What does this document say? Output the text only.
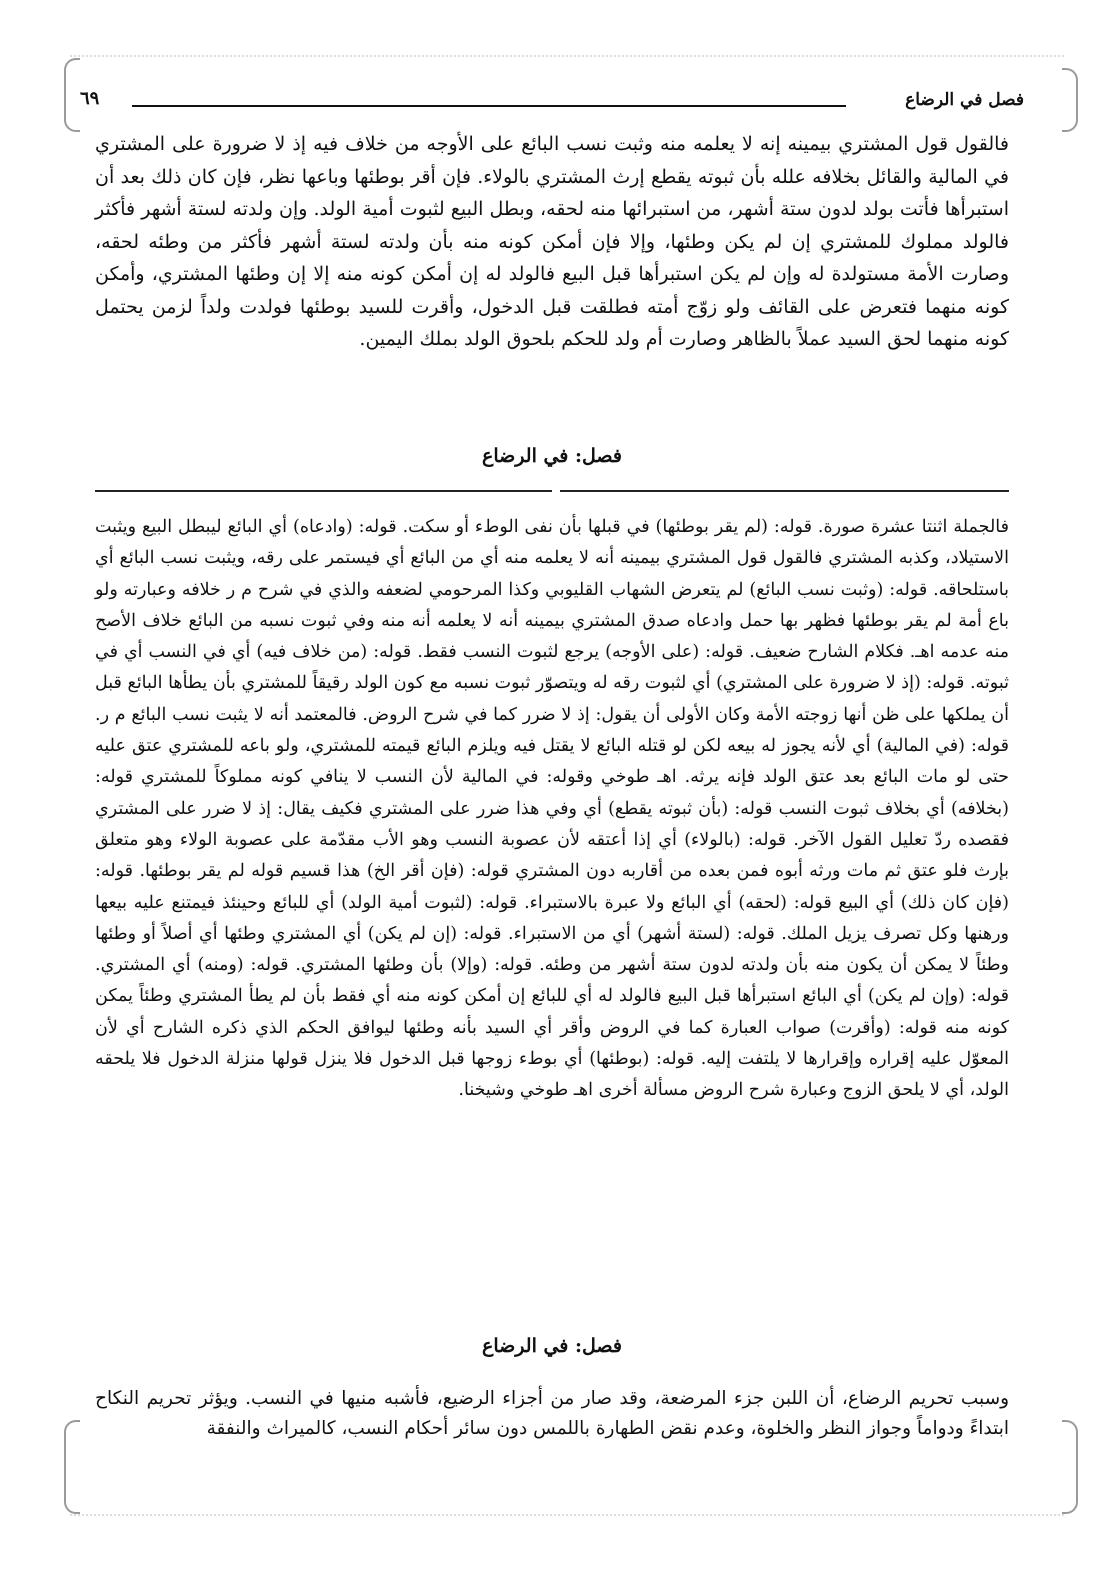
فصل في الرضاع
٦٩
فالقول قول المشتري بيمينه إنه لا يعلمه منه وثبت نسب البائع على الأوجه من خلاف فيه إذ لا ضرورة على المشتري في المالية والقائل بخلافه علله بأن ثبوته يقطع إرث المشتري بالولاء. فإن أقر بوطئها وباعها نظر، فإن كان ذلك بعد أن استبرأها فأتت بولد لدون ستة أشهر، من استبرائها منه لحقه، وبطل البيع لثبوت أمية الولد. وإن ولدته لستة أشهر فأكثر فالولد مملوك للمشتري إن لم يكن وطئها، وإلا فإن أمكن كونه منه بأن ولدته لستة أشهر فأكثر من وطئه لحقه، وصارت الأمة مستولدة له وإن لم يكن استبرأها قبل البيع فالولد له إن أمكن كونه منه إلا إن وطئها المشتري، وأمكن كونه منهما فتعرض على القائف ولو زوّج أمته فطلقت قبل الدخول، وأقرت للسيد بوطئها فولدت ولداً لزمن يحتمل كونه منهما لحق السيد عملاً بالظاهر وصارت أم ولد للحكم بلحوق الولد بملك اليمين.
فصل: في الرضاع
فالجملة اثنتا عشرة صورة. قوله: (لم يقر بوطئها) في قبلها بأن نفى الوطء أو سكت. قوله: (وادعاه) أي البائع ليبطل البيع ويثبت الاستيلاد، وكذبه المشتري فالقول قول المشتري بيمينه أنه لا يعلمه منه أي من البائع أي فيستمر على رقه، ويثبت نسب البائع أي باستلحاقه. قوله: (وثبت نسب البائع) لم يتعرض الشهاب القليوبي وكذا المرحومي لضعفه والذي في شرح م ر خلافه وعبارته ولو باع أمة لم يقر بوطئها فظهر بها حمل وادعاه صدق المشتري بيمينه أنه لا يعلمه أنه منه وفي ثبوت نسبه من البائع خلاف الأصح منه عدمه اهـ. فكلام الشارح ضعيف. قوله: (على الأوجه) يرجع لثبوت النسب فقط. قوله: (من خلاف فيه) أي في النسب أي في ثبوته. قوله: (إذ لا ضرورة على المشتري) أي لثبوت رقه له ويتصوّر ثبوت نسبه مع كون الولد رقيقاً للمشتري بأن يطأها البائع قبل أن يملكها على ظن أنها زوجته الأمة وكان الأولى أن يقول: إذ لا ضرر كما في شرح الروض. فالمعتمد أنه لا يثبت نسب البائع م ر. قوله: (في المالية) أي لأنه يجوز له بيعه لكن لو قتله البائع لا يقتل فيه ويلزم البائع قيمته للمشتري، ولو باعه للمشتري عتق عليه حتى لو مات البائع بعد عتق الولد فإنه يرثه. اهـ طوخي وقوله: في المالية لأن النسب لا ينافي كونه مملوكاً للمشتري قوله: (بخلافه) أي بخلاف ثبوت النسب قوله: (بأن ثبوته يقطع) أي وفي هذا ضرر على المشتري فكيف يقال: إذ لا ضرر على المشتري فقصده ردّ تعليل القول الآخر. قوله: (بالولاء) أي إذا أعتقه لأن عصوبة النسب وهو الأب مقدّمة على عصوبة الولاء وهو متعلق بإرث فلو عتق ثم مات ورثه أبوه فمن بعده من أقاربه دون المشتري قوله: (فإن أقر الخ) هذا قسيم قوله لم يقر بوطئها. قوله: (فإن كان ذلك) أي البيع قوله: (لحقه) أي البائع ولا عبرة بالاستبراء. قوله: (لثبوت أمية الولد) أي للبائع وحينئذ فيمتنع عليه بيعها ورهنها وكل تصرف يزيل الملك. قوله: (لستة أشهر) أي من الاستبراء. قوله: (إن لم يكن) أي المشتري وطئها أي أصلاً أو وطئها وطئاً لا يمكن أن يكون منه بأن ولدته لدون ستة أشهر من وطئه. قوله: (وإلا) بأن وطئها المشتري. قوله: (ومنه) أي المشتري. قوله: (وإن لم يكن) أي البائع استبرأها قبل البيع فالولد له أي للبائع إن أمكن كونه منه أي فقط بأن لم يطأ المشتري وطئاً يمكن كونه منه قوله: (وأقرت) صواب العبارة كما في الروض وأقر أي السيد بأنه وطئها ليوافق الحكم الذي ذكره الشارح أي لأن المعوّل عليه إقراره وإقرارها لا يلتفت إليه. قوله: (بوطئها) أي بوطء زوجها قبل الدخول فلا ينزل قولها منزلة الدخول فلا يلحقه الولد، أي لا يلحق الزوج وعبارة شرح الروض مسألة أخرى اهـ طوخي وشيخنا.
فصل: في الرضاع
وسبب تحريم الرضاع، أن اللبن جزء المرضعة، وقد صار من أجزاء الرضيع، فأشبه منيها في النسب. ويؤثر تحريم النكاح ابتداءً ودواماً وجواز النظر والخلوة، وعدم نقض الطهارة باللمس دون سائر أحكام النسب، كالميراث والنفقة
